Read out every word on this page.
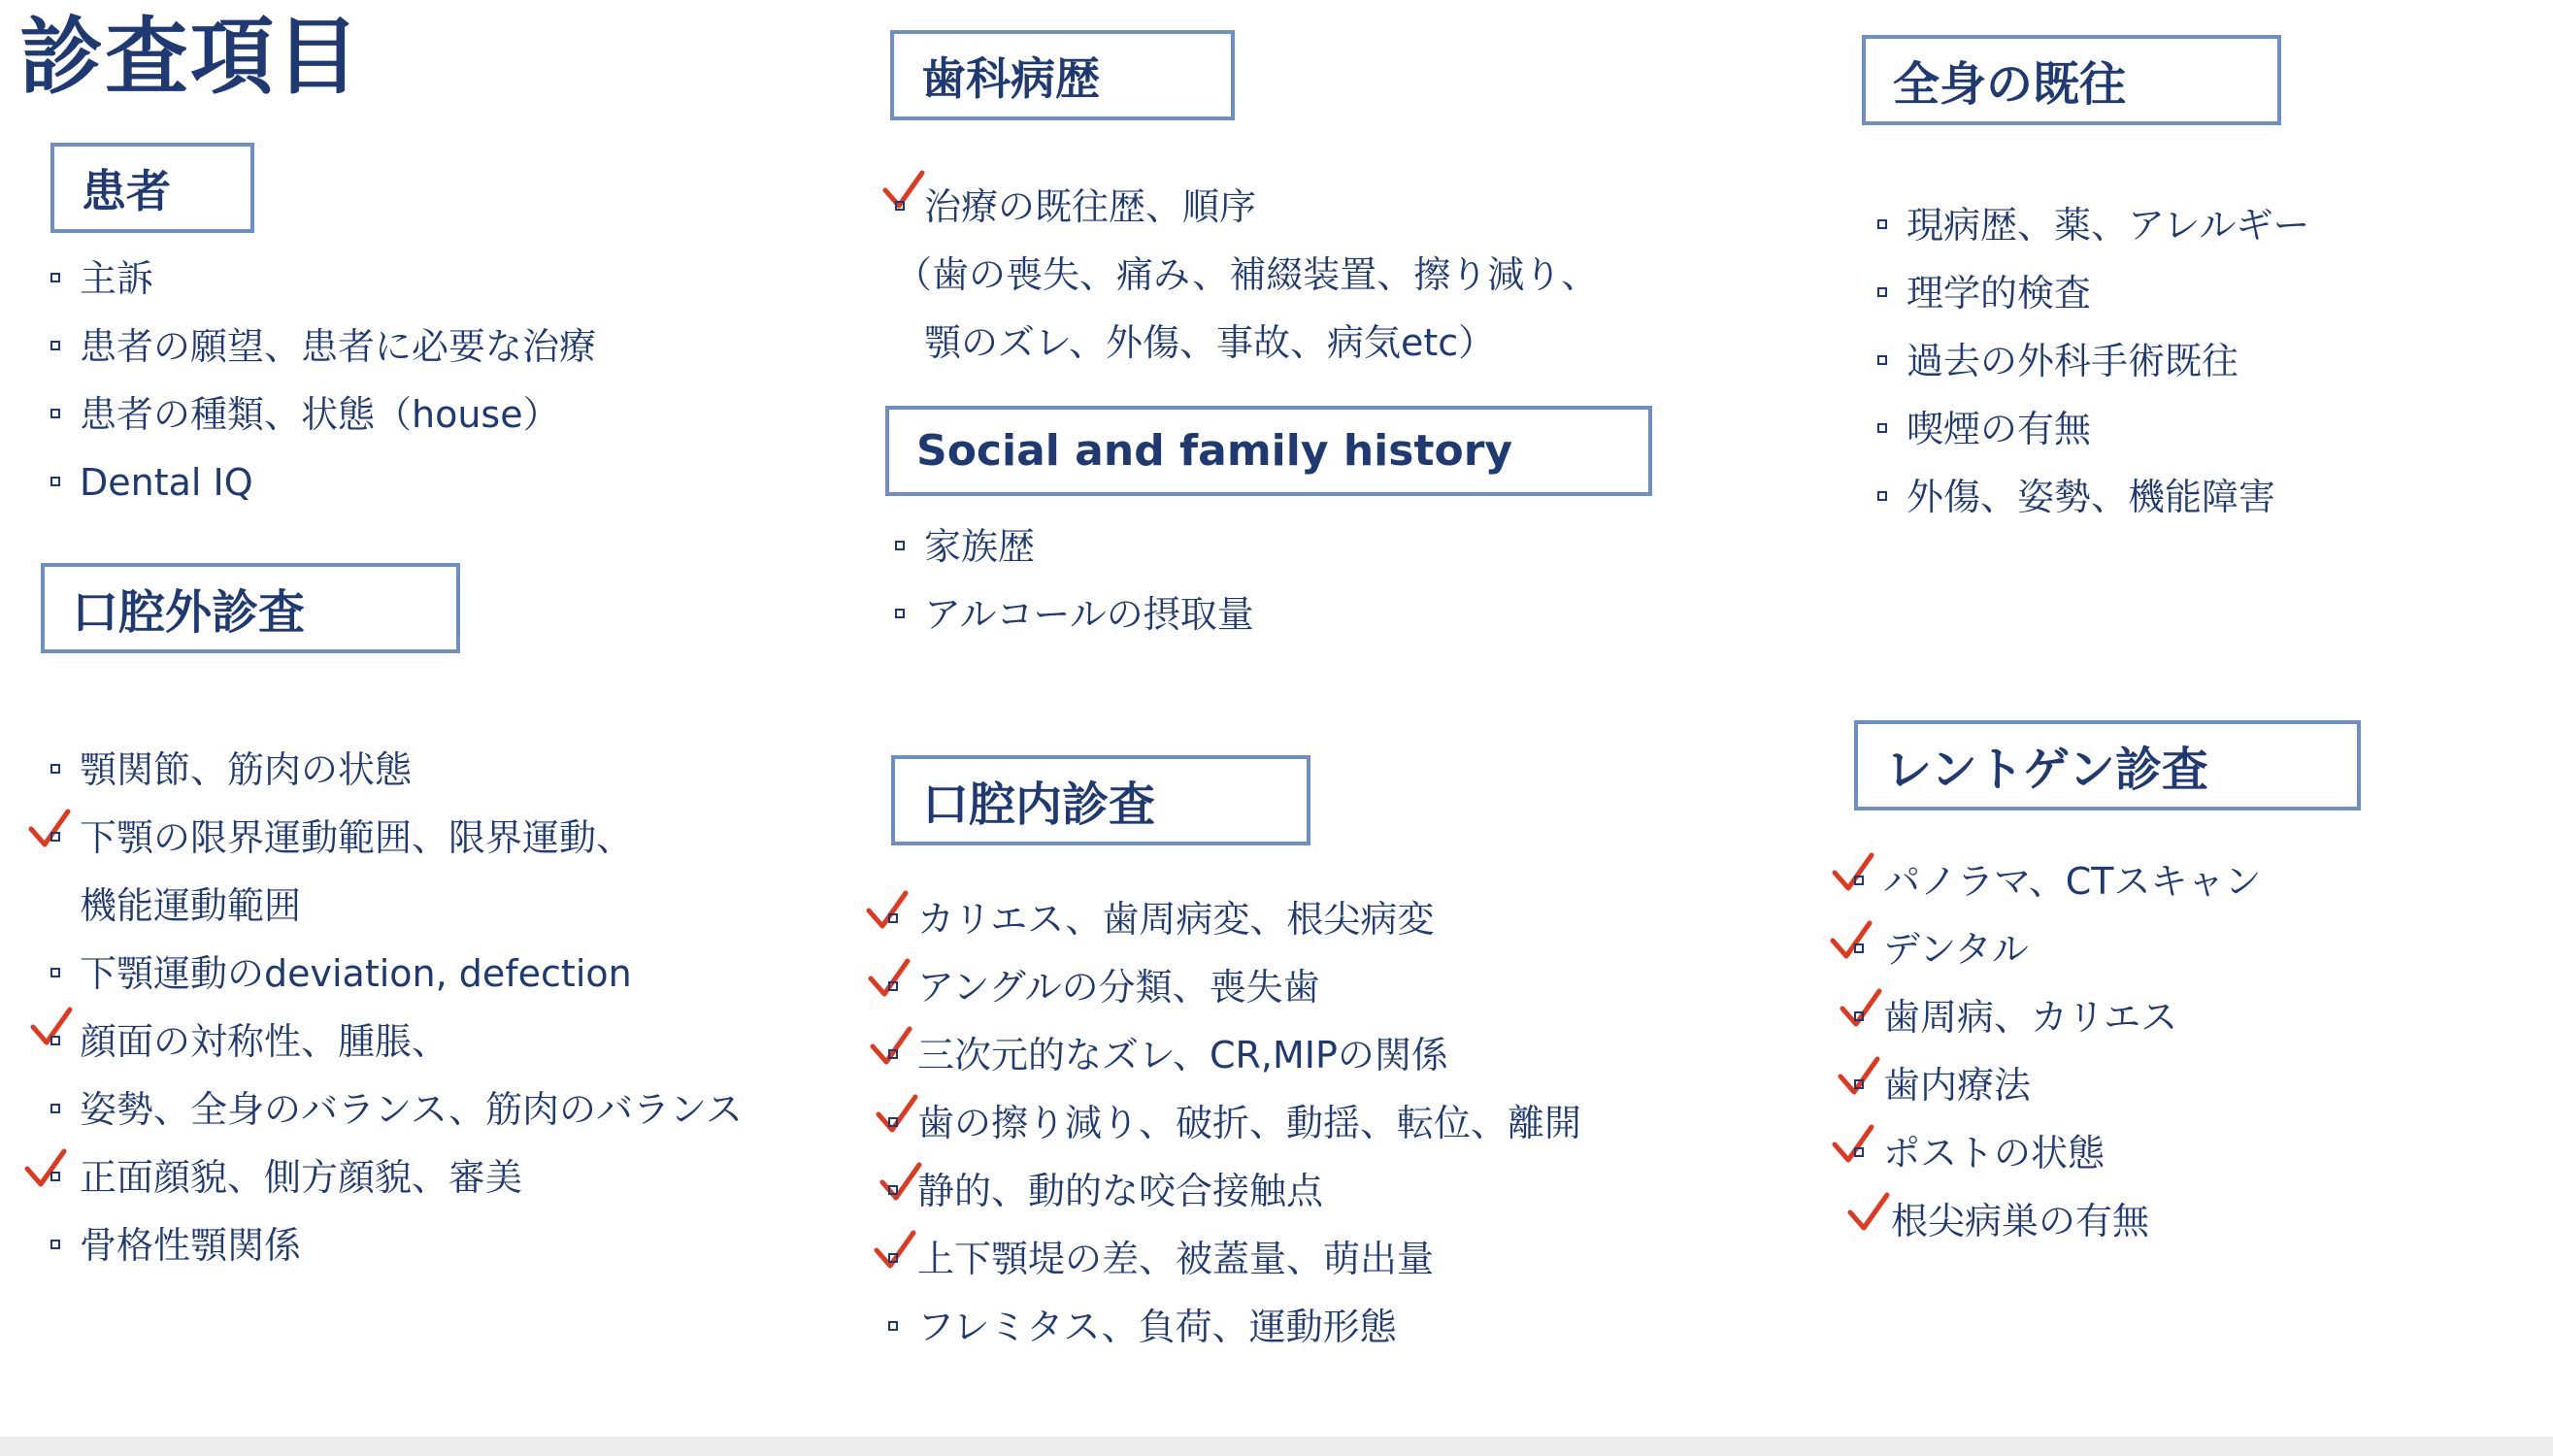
診査項目
患者
主訴
患者の願望、患者に必要な治療
患者の種類、状態（house）
Dental IQ
口腔外診査
顎関節、筋肉の状態
下顎の限界運動範囲、限界運動、
機能運動範囲
下顎運動のdeviation, defection
顔面の対称性、腫脹、
姿勢、全身のバランス、筋肉のバランス
正面顔貌、側方顔貌、審美
骨格性顎関係
歯科病歴
治療の既往歴、順序
（歯の喪失、痛み、補綴装置、擦り減り、
顎のズレ、外傷、事故、病気etc）
Social and family history
家族歴
アルコールの摂取量
口腔内診査
カリエス、歯周病変、根尖病変
アングルの分類、喪失歯
三次元的なズレ、CR,MIPの関係
歯の擦り減り、破折、動揺、転位、離開
静的、動的な咬合接触点
上下顎堤の差、被蓋量、萌出量
フレミタス、負荷、運動形態
全身の既往
現病歴、薬、アレルギー
理学的検査
過去の外科手術既往
喫煙の有無
外傷、姿勢、機能障害
レントゲン診査
パノラマ、CTスキャン
デンタル
歯周病、カリエス
歯内療法
ポストの状態
根尖病巣の有無
